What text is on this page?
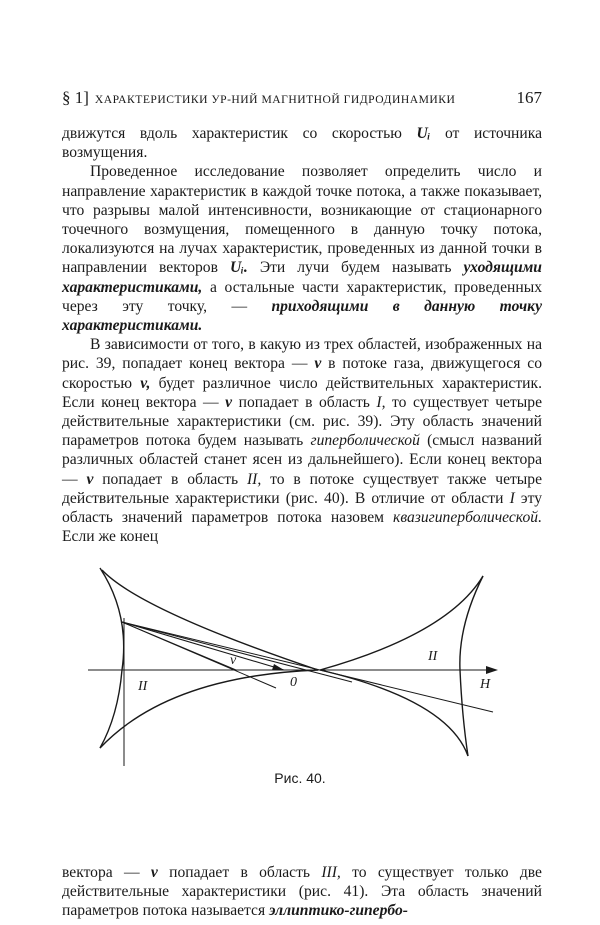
§ 1] ХАРАКТЕРИСТИКИ УР-НИЙ МАГНИТНОЙ ГИДРОДИНАМИКИ	167

движутся вдоль характеристик со скоростью Uᵢ от источника возмущения.

Проведенное исследование позволяет определить число и направление характеристик в каждой точке потока, а также показывает, что разрывы малой интенсивности, возникающие от стационарного точечного возмущения, помещенного в данную точку потока, локализуются на лучах характеристик, проведенных из данной точки в направлении векторов Uᵢ. Эти лучи будем называть уходящими характеристиками, а остальные части характеристик, проведенных через эту точку, — приходящими в данную точку характеристиками.

В зависимости от того, в какую из трех областей, изображенных на рис. 39, попадает конец вектора — v в потоке газа, движущегося со скоростью v, будет различное число действительных характеристик. Если конец вектора — v попадает в область I, то существует четыре действительные характеристики (см. рис. 39). Эту область значений параметров потока будем называть гиперболической (смысл названий различных областей станет ясен из дальнейшего). Если конец вектора — v попадает в область II, то в потоке существует также четыре действительные характеристики (рис. 40). В отличие от области I эту область значений параметров потока назовем квазигиперболической. Если же конец

II
II
0
v
H
Рис. 40.

вектора — v попадает в область III, то существует только две действительные характеристики (рис. 41). Эта область значений параметров потока называется эллиптико-гипербо-
